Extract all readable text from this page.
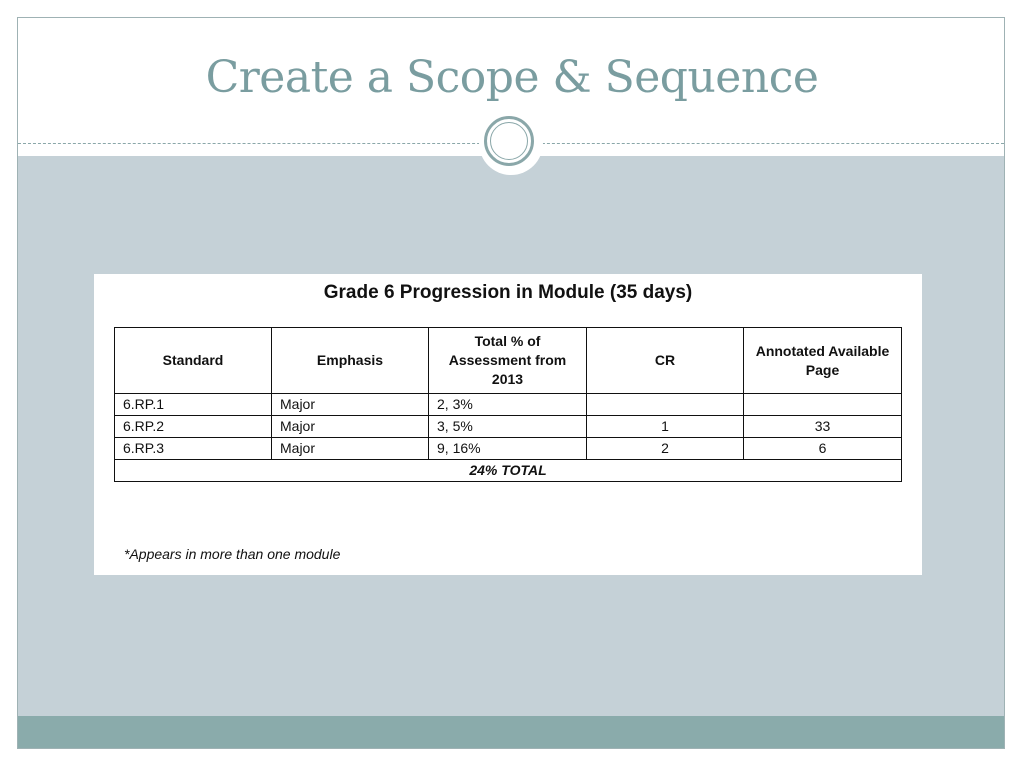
Create a Scope & Sequence
Grade 6 Progression in Module (35 days)
Standard	Emphasis	Total % of Assessment from 2013	CR	Annotated Available Page
6.RP.1	Major	2, 3%		
6.RP.2	Major	3, 5%	1	33
6.RP.3	Major	9, 16%	2	6
24% TOTAL				
*Appears in more than one module
